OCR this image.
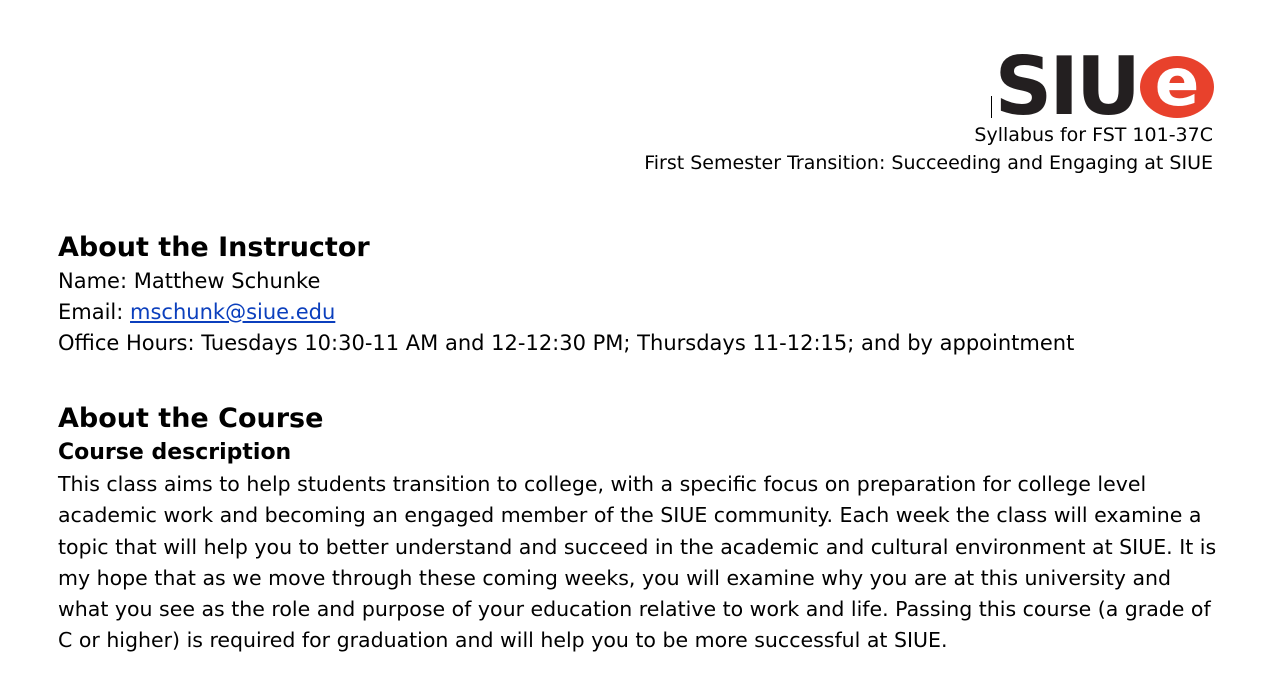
SIU e
Syllabus for FST 101-37C
First Semester Transition: Succeeding and Engaging at SIUE
About the Instructor
Name: Matthew Schunke
Email: mschunk@siue.edu
Office Hours: Tuesdays 10:30-11 AM and 12-12:30 PM; Thursdays 11-12:15; and by appointment
About the Course
Course description

This class aims to help students transition to college, with a specific focus on preparation for college level academic work and becoming an engaged member of the SIUE community. Each week the class will examine a topic that will help you to better understand and succeed in the academic and cultural environment at SIUE. It is my hope that as we move through these coming weeks, you will examine why you are at this university and what you see as the role and purpose of your education relative to work and life. Passing this course (a grade of C or higher) is required for graduation and will help you to be more successful at SIUE.
